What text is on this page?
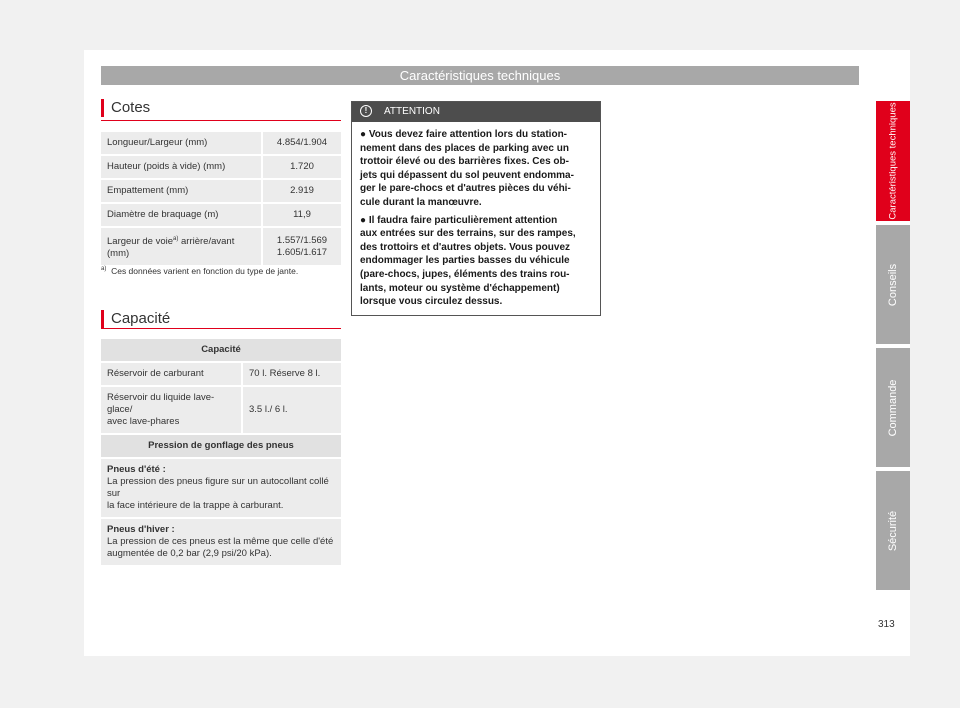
Caractéristiques techniques
Cotes
Longueur/Largeur (mm)	4.854/1.904
Hauteur (poids à vide) (mm)	1.720
Empattement (mm)	2.919
Diamètre de braquage (m)	11,9
Largeur de voie$^{a)}$ arrière/avant
(mm)	1.557/1.569
1.605/1.617
$^{a)}$ Ces données varient en fonction du type de jante.
Capacité
Capacité	
Réservoir de carburant	70 l. Réserve 8 l.
Réservoir du liquide lave-
glace/
avec lave-phares	3.5 l./ 6 l.
Pression de gonflage des pneus	
Pneus d'été :
La pression des pneus figure sur un autocollant collé sur
la face intérieure de la trappe à carburant.	
Pneus d'hiver :
La pression de ces pneus est la même que celle d'été
augmentée de 0,2 bar (2,9 psi/20 kPa).	
! ATTENTION
● Vous devez faire attention lors du station-
nement dans des places de parking avec un
trottoir élevé ou des barrières fixes. Ces ob-
jets qui dépassent du sol peuvent endomma-
ger le pare-chocs et d'autres pièces du véhi-
cule durant la manœuvre.
● Il faudra faire particulièrement attention
aux entrées sur des terrains, sur des rampes,
des trottoirs et d'autres objets. Vous pouvez
endommager les parties basses du véhicule
(pare-chocs, jupes, éléments des trains rou-
lants, moteur ou système d'échappement)
lorsque vous circulez dessus.
Caractéristiques techniques
Conseils
Commande
Sécurité
313
